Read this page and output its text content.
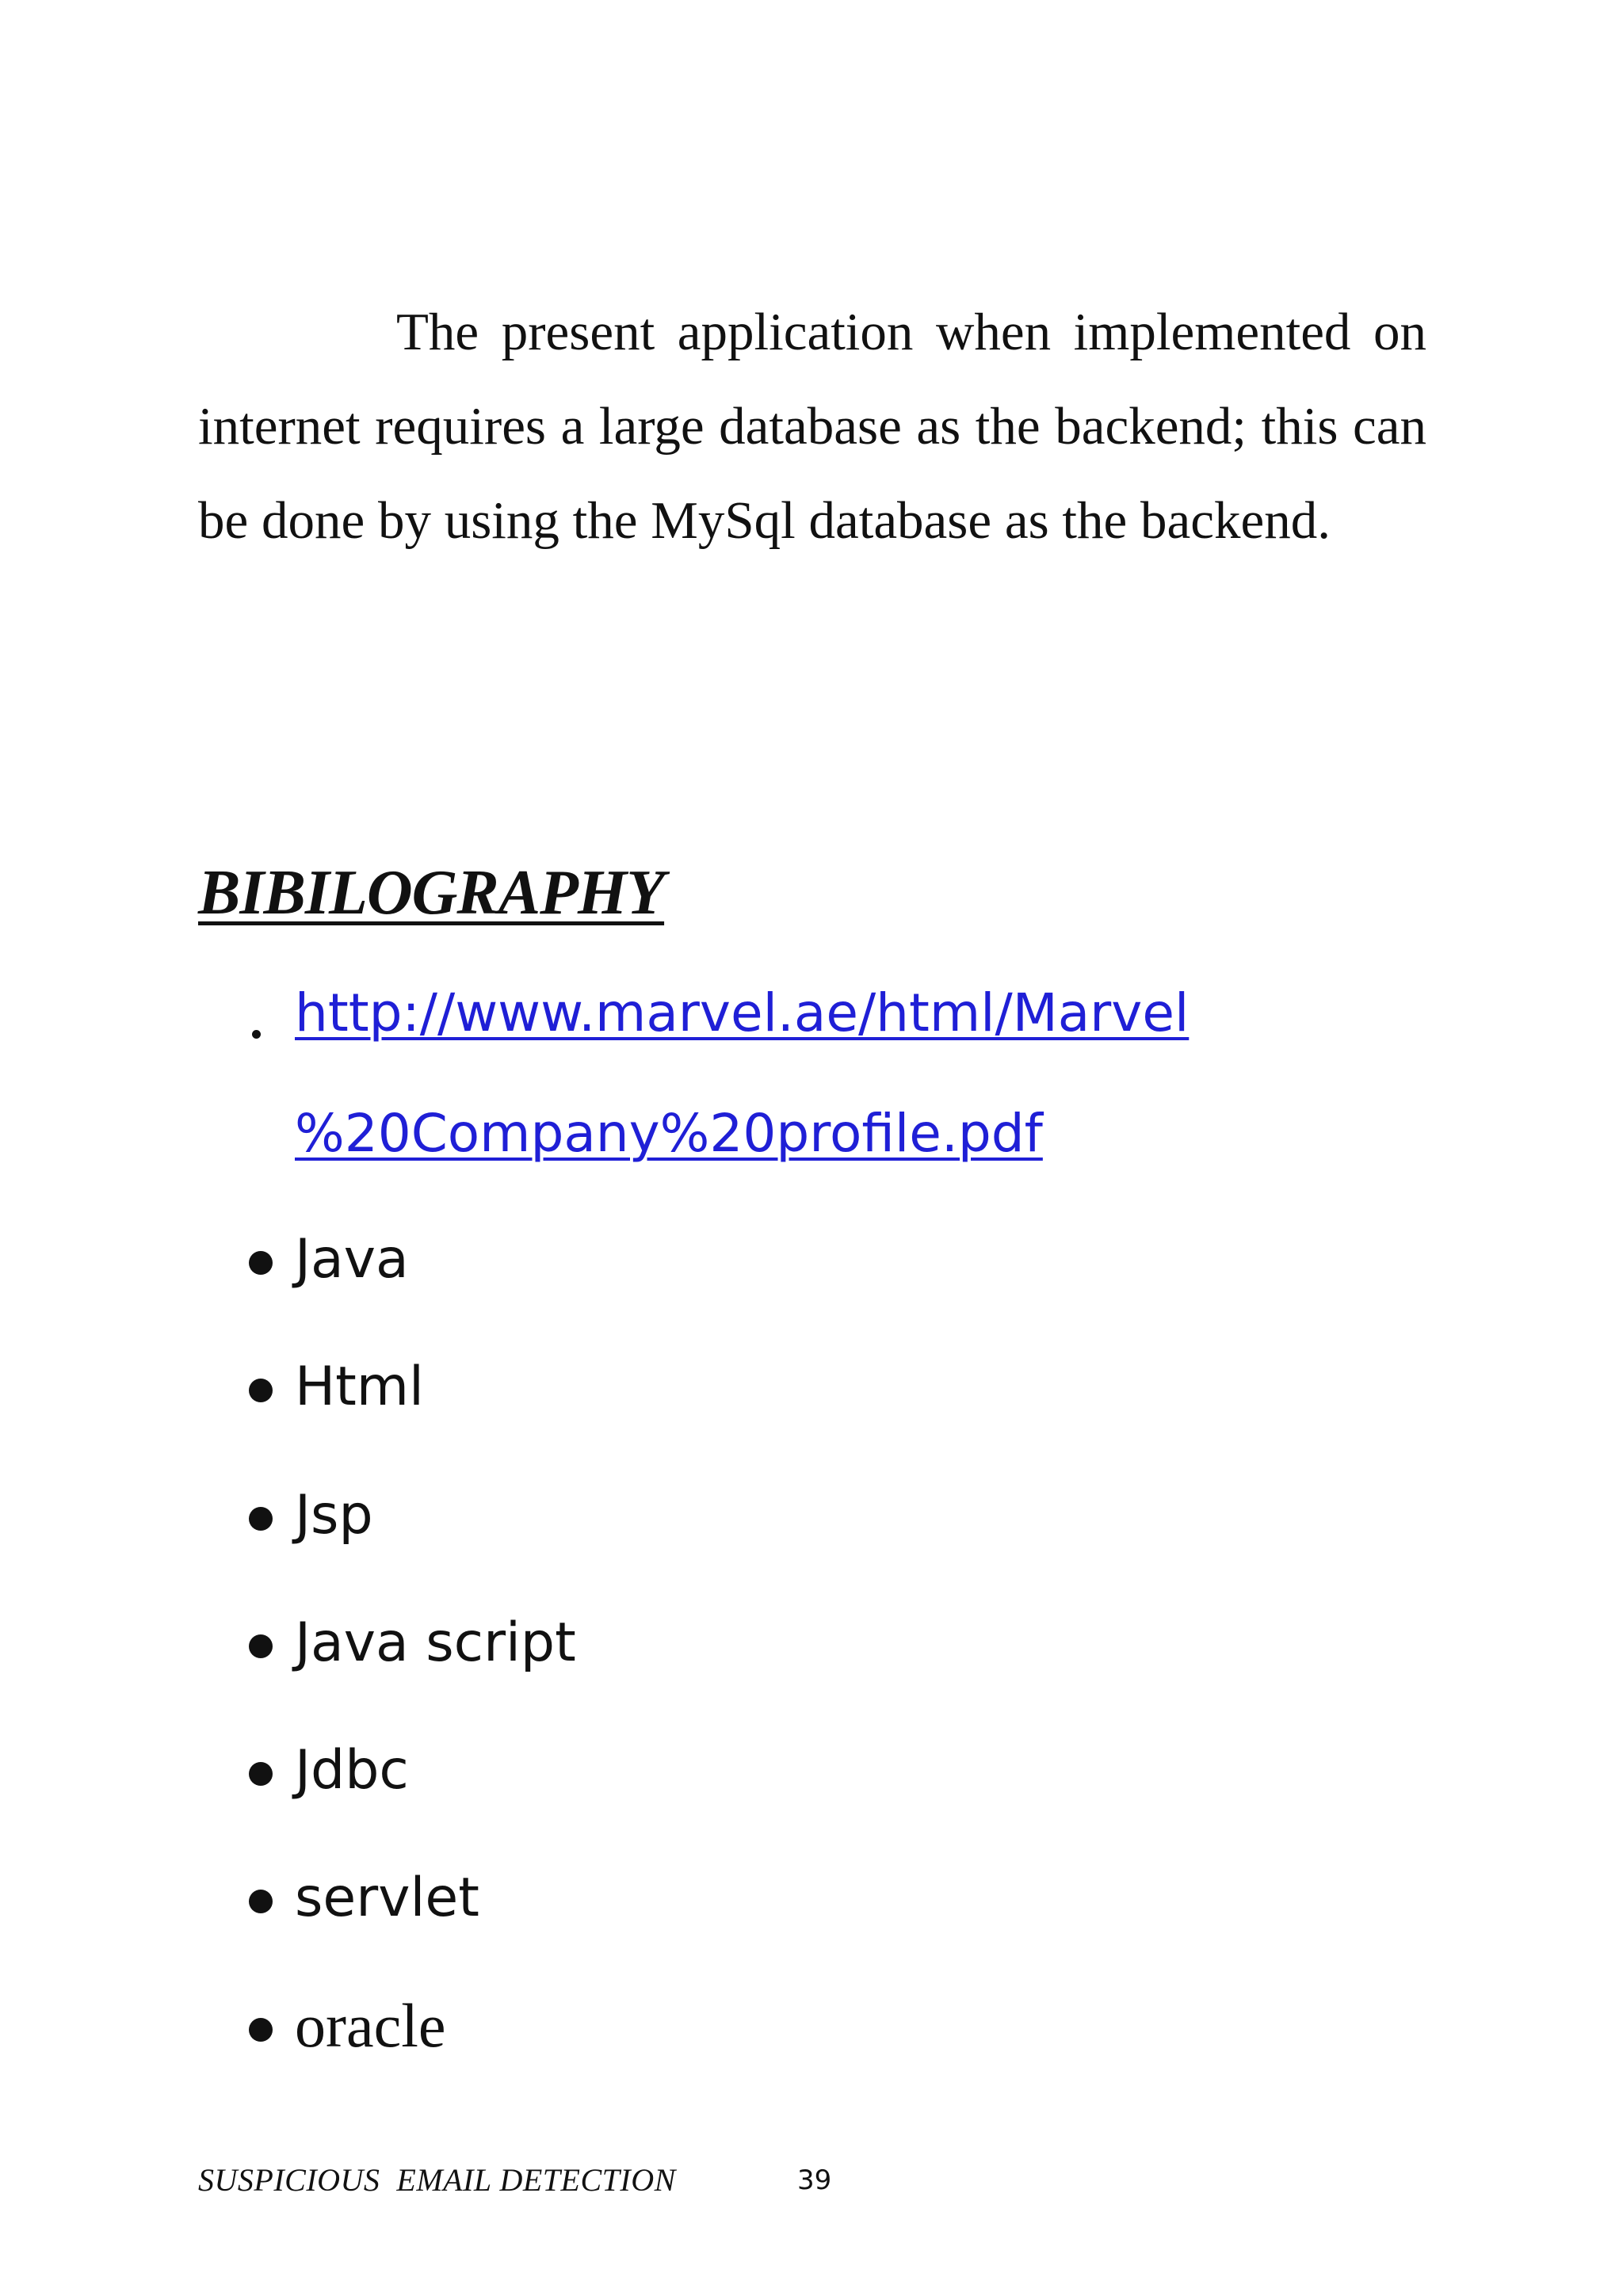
The present application when implemented on internet requires a large database as the backend; this can be done by using the MySql database as the backend.

BIBILOGRAPHY
http://www.marvel.ae/html/Marvel
%20Company%20profile.pdf
Java
Html
Jsp
Java script
Jdbc
servlet
oracle
SUSPICIOUS  EMAIL DETECTION	39
